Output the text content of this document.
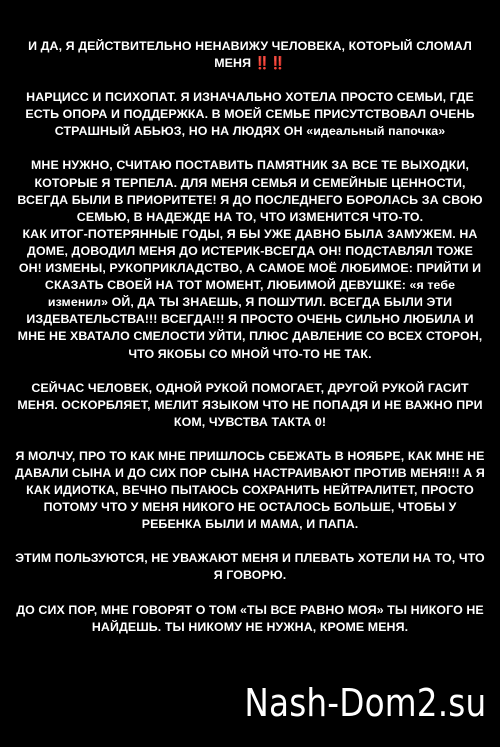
И ДА, Я ДЕЙСТВИТЕЛЬНО НЕНАВИЖУ ЧЕЛОВЕКА, КОТОРЫЙ СЛОМАЛ МЕНЯ ‼️‼️
НАРЦИСС И ПСИХОПАТ. Я ИЗНАЧАЛЬНО ХОТЕЛА ПРОСТО СЕМЬИ, ГДЕ ЕСТЬ ОПОРА И ПОДДЕРЖКА. В МОЕЙ СЕМЬЕ ПРИСУТСТВОВАЛ ОЧЕНЬ СТРАШНЫЙ АБЬЮЗ, НО НА ЛЮДЯХ ОН «идеальный папочка»
МНЕ НУЖНО, СЧИТАЮ ПОСТАВИТЬ ПАМЯТНИК ЗА ВСЕ ТЕ ВЫХОДКИ, КОТОРЫЕ Я ТЕРПЕЛА. ДЛЯ МЕНЯ СЕМЬЯ И СЕМЕЙНЫЕ ЦЕННОСТИ, ВСЕГДА БЫЛИ В ПРИОРИТЕТЕ! Я ДО ПОСЛЕДНЕГО БОРОЛАСЬ ЗА СВОЮ СЕМЬЮ, В НАДЕЖДЕ НА ТО, ЧТО ИЗМЕНИТСЯ ЧТО-ТО.
КАК ИТОГ-ПОТЕРЯННЫЕ ГОДЫ, Я БЫ УЖЕ ДАВНО БЫЛА ЗАМУЖЕМ. НА ДОМЕ, ДОВОДИЛ МЕНЯ ДО ИСТЕРИК-ВСЕГДА ОН! ПОДСТАВЛЯЛ ТОЖЕ ОН! ИЗМЕНЫ, РУКОПРИКЛАДСТВО, А САМОЕ МОЁ ЛЮБИМОЕ: ПРИЙТИ И СКАЗАТЬ СВОЕЙ НА ТОТ МОМЕНТ, ЛЮБИМОЙ ДЕВУШКЕ: «я тебе изменил» ОЙ, ДА ТЫ ЗНАЕШЬ, Я ПОШУТИЛ. ВСЕГДА БЫЛИ ЭТИ ИЗДЕВАТЕЛЬСТВА!!! ВСЕГДА!!! Я ПРОСТО ОЧЕНЬ СИЛЬНО ЛЮБИЛА И МНЕ НЕ ХВАТАЛО СМЕЛОСТИ УЙТИ, ПЛЮС ДАВЛЕНИЕ СО ВСЕХ СТОРОН, ЧТО ЯКОБЫ СО МНОЙ ЧТО-ТО НЕ ТАК.
СЕЙЧАС ЧЕЛОВЕК, ОДНОЙ РУКОЙ ПОМОГАЕТ, ДРУГОЙ РУКОЙ ГАСИТ МЕНЯ. ОСКОРБЛЯЕТ, МЕЛИТ ЯЗЫКОМ ЧТО НЕ ПОПАДЯ И НЕ ВАЖНО ПРИ КОМ, ЧУВСТВА ТАКТА 0!
Я МОЛЧУ, ПРО ТО КАК МНЕ ПРИШЛОСЬ СБЕЖАТЬ В НОЯБРЕ, КАК МНЕ НЕ ДАВАЛИ СЫНА И ДО СИХ ПОР СЫНА НАСТРАИВАЮТ ПРОТИВ МЕНЯ!!! А Я КАК ИДИОТКА, ВЕЧНО ПЫТАЮСЬ СОХРАНИТЬ НЕЙТРАЛИТЕТ, ПРОСТО ПОТОМУ ЧТО У МЕНЯ НИКОГО НЕ ОСТАЛОСЬ БОЛЬШЕ, ЧТОБЫ У РЕБЕНКА БЫЛИ И МАМА, И ПАПА.
ЭТИМ ПОЛЬЗУЮТСЯ, НЕ УВАЖАЮТ МЕНЯ И ПЛЕВАТЬ ХОТЕЛИ НА ТО, ЧТО Я ГОВОРЮ.
ДО СИХ ПОР, МНЕ ГОВОРЯТ О ТОМ «ТЫ ВСЕ РАВНО МОЯ» ТЫ НИКОГО НЕ НАЙДЕШЬ. ТЫ НИКОМУ НЕ НУЖНА, КРОМЕ МЕНЯ.
Nash-Dom2.su
